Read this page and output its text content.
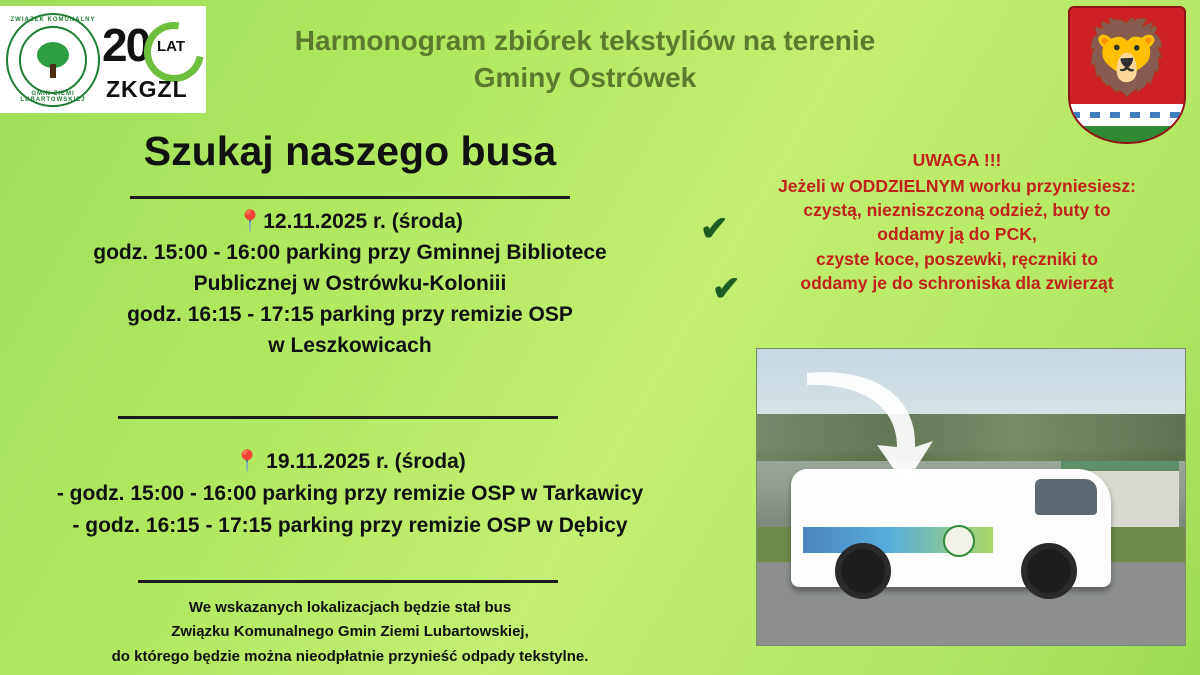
ZWIĄZEK KOMUNALNY
GMIN ZIEMI LUBARTOWSKIEJ
20 LAT
ZKGZL
Harmonogram zbiórek tekstyliów na terenie
Gminy Ostrówek	🦁
Szukaj naszego busa
📍12.11.2025 r. (środa)
godz. 15:00 - 16:00 parking przy Gminnej Bibliotece
Publicznej w Ostrówku-Koloniii
godz. 16:15 - 17:15 parking przy remizie OSP
w Leszkowicach
📍 19.11.2025 r. (środa)
- godz. 15:00 - 16:00 parking przy remizie OSP w Tarkawicy
- godz. 16:15 - 17:15 parking przy remizie OSP w Dębicy
We wskazanych lokalizacjach będzie stał bus
Związku Komunalnego Gmin Ziemi Lubartowskiej,
do którego będzie można nieodpłatnie przynieść odpady tekstylne.
UWAGA !!!
Jeżeli w ODDZIELNYM worku przyniesiesz:
czystą, niezniszczoną odzież, buty to
oddamy ją do PCK,
czyste koce, poszewki, ręczniki to
oddamy je do schroniska dla zwierząt
✔
✔
